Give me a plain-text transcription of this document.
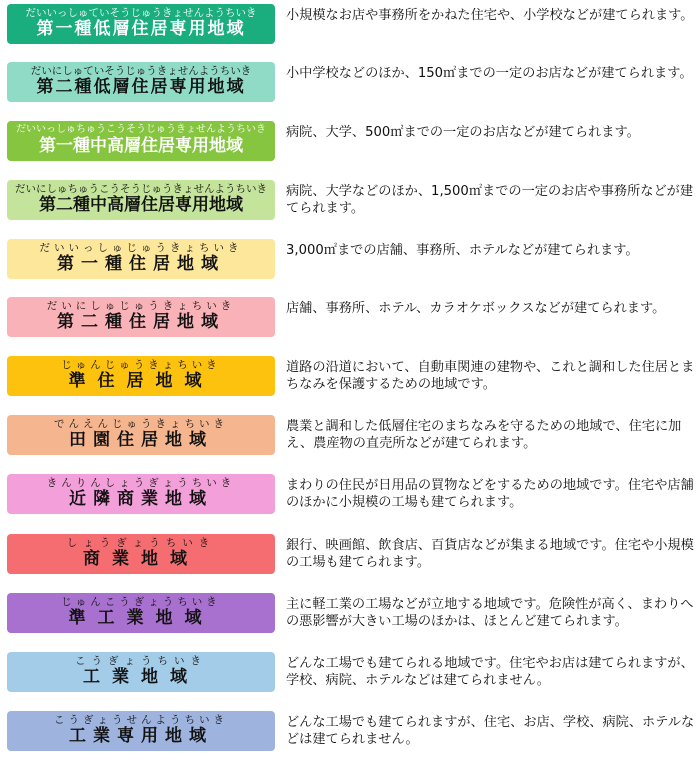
だいいっしゅていそうじゅうきょせんようちいき
第一種低層住居専用地域

小規模なお店や事務所をかねた住宅や、小学校などが建てられます。

だいにしゅていそうじゅうきょせんようちいき
第二種低層住居専用地域

小中学校などのほか、150㎡までの一定のお店などが建てられます。

だいいっしゅちゅうこうそうじゅうきょせんようちいき
第一種中高層住居専用地域

病院、大学、500㎡までの一定のお店などが建てられます。

だいにしゅちゅうこうそうじゅうきょせんようちいき
第二種中高層住居専用地域

病院、大学などのほか、1,500㎡までの一定のお店や事務所などが建てられます。

だいいっしゅじゅうきょちいき
第一種住居地域

3,000㎡までの店舗、事務所、ホテルなどが建てられます。

だいにしゅじゅうきょちいき
第二種住居地域

店舗、事務所、ホテル、カラオケボックスなどが建てられます。

じゅんじゅうきょちいき
準住居地域

道路の沿道において、自動車関連の建物や、これと調和した住居とまちなみを保護するための地域です。

でんえんじゅうきょちいき
田園住居地域

農業と調和した低層住宅のまちなみを守るための地域で、住宅に加え、農産物の直売所などが建てられます。

きんりんしょうぎょうちいき
近隣商業地域

まわりの住民が日用品の買物などをするための地域です。住宅や店舗のほかに小規模の工場も建てられます。

しょうぎょうちいき
商業地域

銀行、映画館、飲食店、百貨店などが集まる地域です。住宅や小規模の工場も建てられます。

じゅんこうぎょうちいき
準工業地域

主に軽工業の工場などが立地する地域です。危険性が高く、まわりへの悪影響が大きい工場のほかは、ほとんど建てられます。

こうぎょうちいき
工業地域

どんな工場でも建てられる地域です。住宅やお店は建てられますが、学校、病院、ホテルなどは建てられません。

こうぎょうせんようちいき
工業専用地域

どんな工場でも建てられますが、住宅、お店、学校、病院、ホテルなどは建てられません。
